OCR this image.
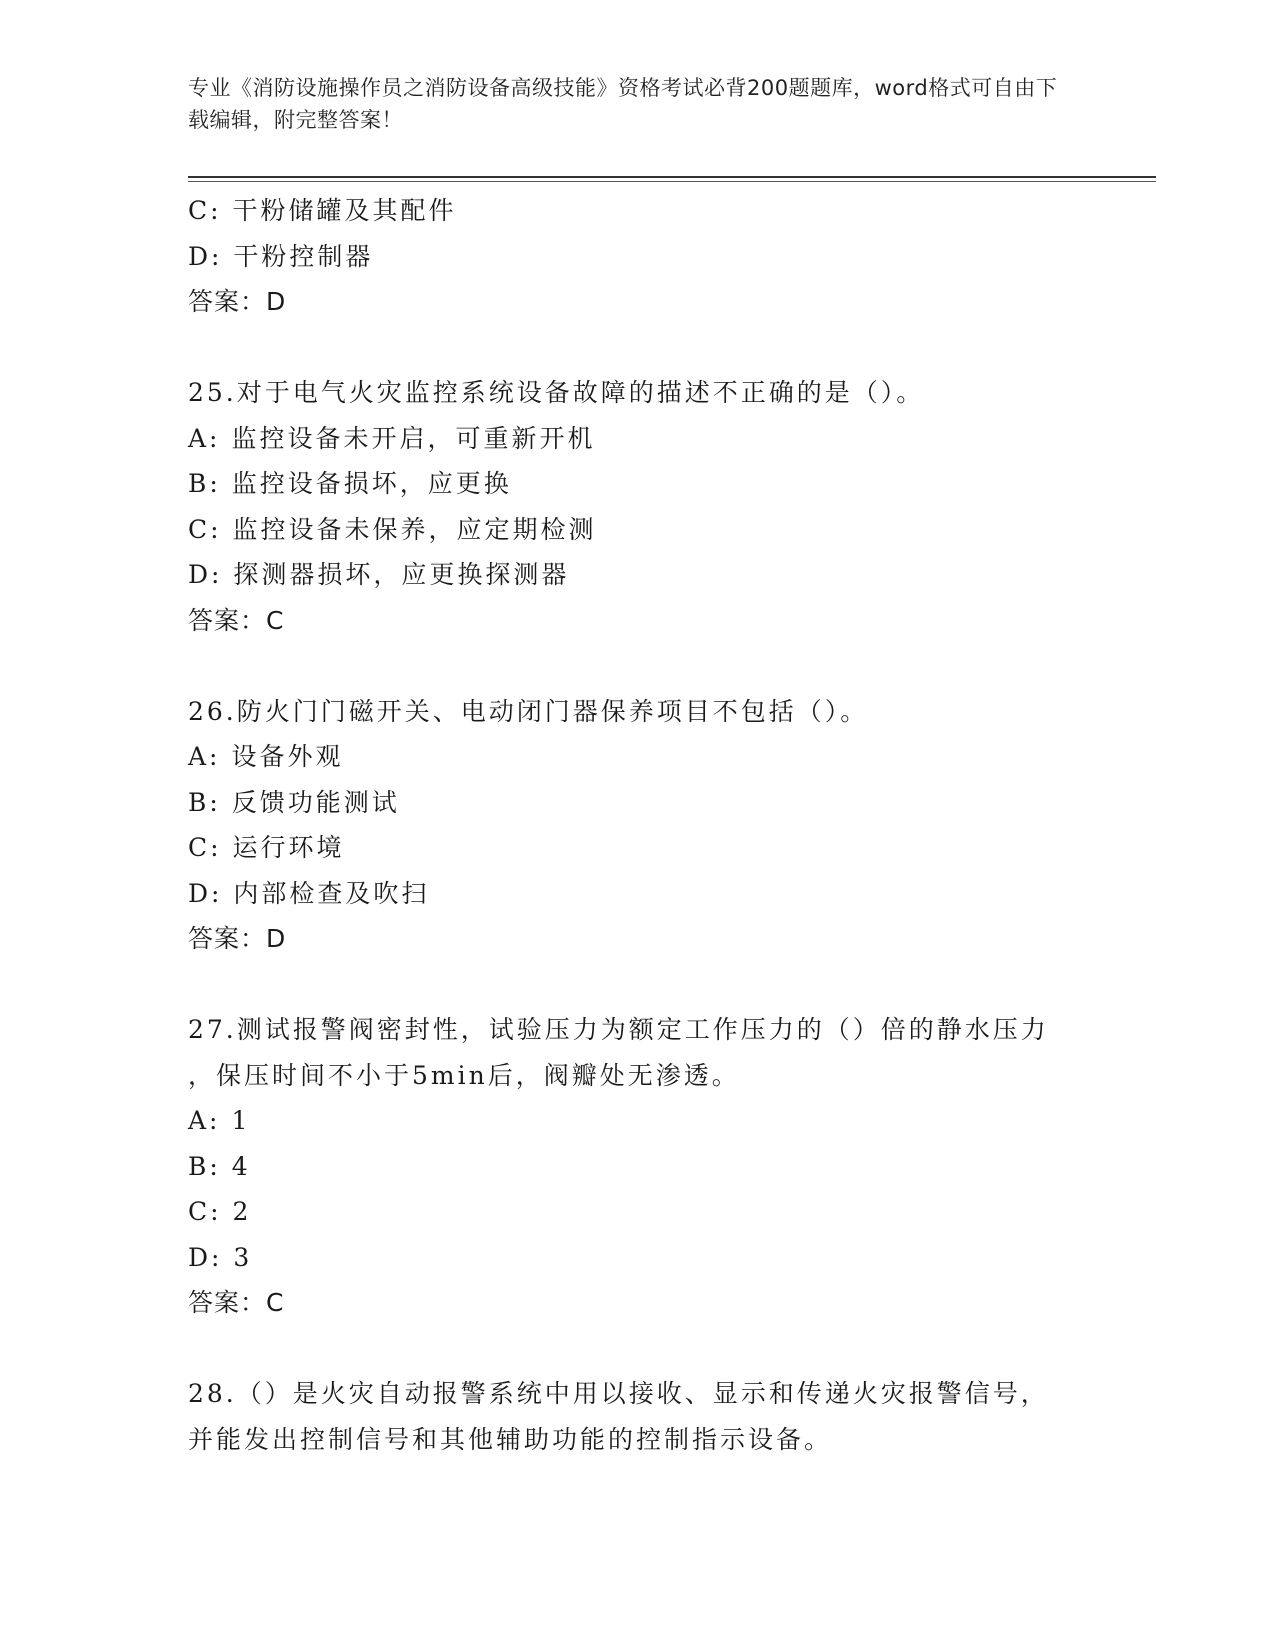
专业《消防设施操作员之消防设备高级技能》资格考试必背200题题库，word格式可自由下载编辑，附完整答案！
C: 干粉储罐及其配件
D: 干粉控制器
答案：D
25.对于电气火灾监控系统设备故障的描述不正确的是（）。
A: 监控设备未开启，可重新开机
B: 监控设备损坏，应更换
C: 监控设备未保养，应定期检测
D: 探测器损坏，应更换探测器
答案：C
26.防火门门磁开关、电动闭门器保养项目不包括（）。
A: 设备外观
B: 反馈功能测试
C: 运行环境
D: 内部检查及吹扫
答案：D
27.测试报警阀密封性，试验压力为额定工作压力的（）倍的静水压力
，保压时间不小于5min后，阀瓣处无渗透。
A: 1
B: 4
C: 2
D: 3
答案：C
28.（）是火灾自动报警系统中用以接收、显示和传递火灾报警信号，
并能发出控制信号和其他辅助功能的控制指示设备。
